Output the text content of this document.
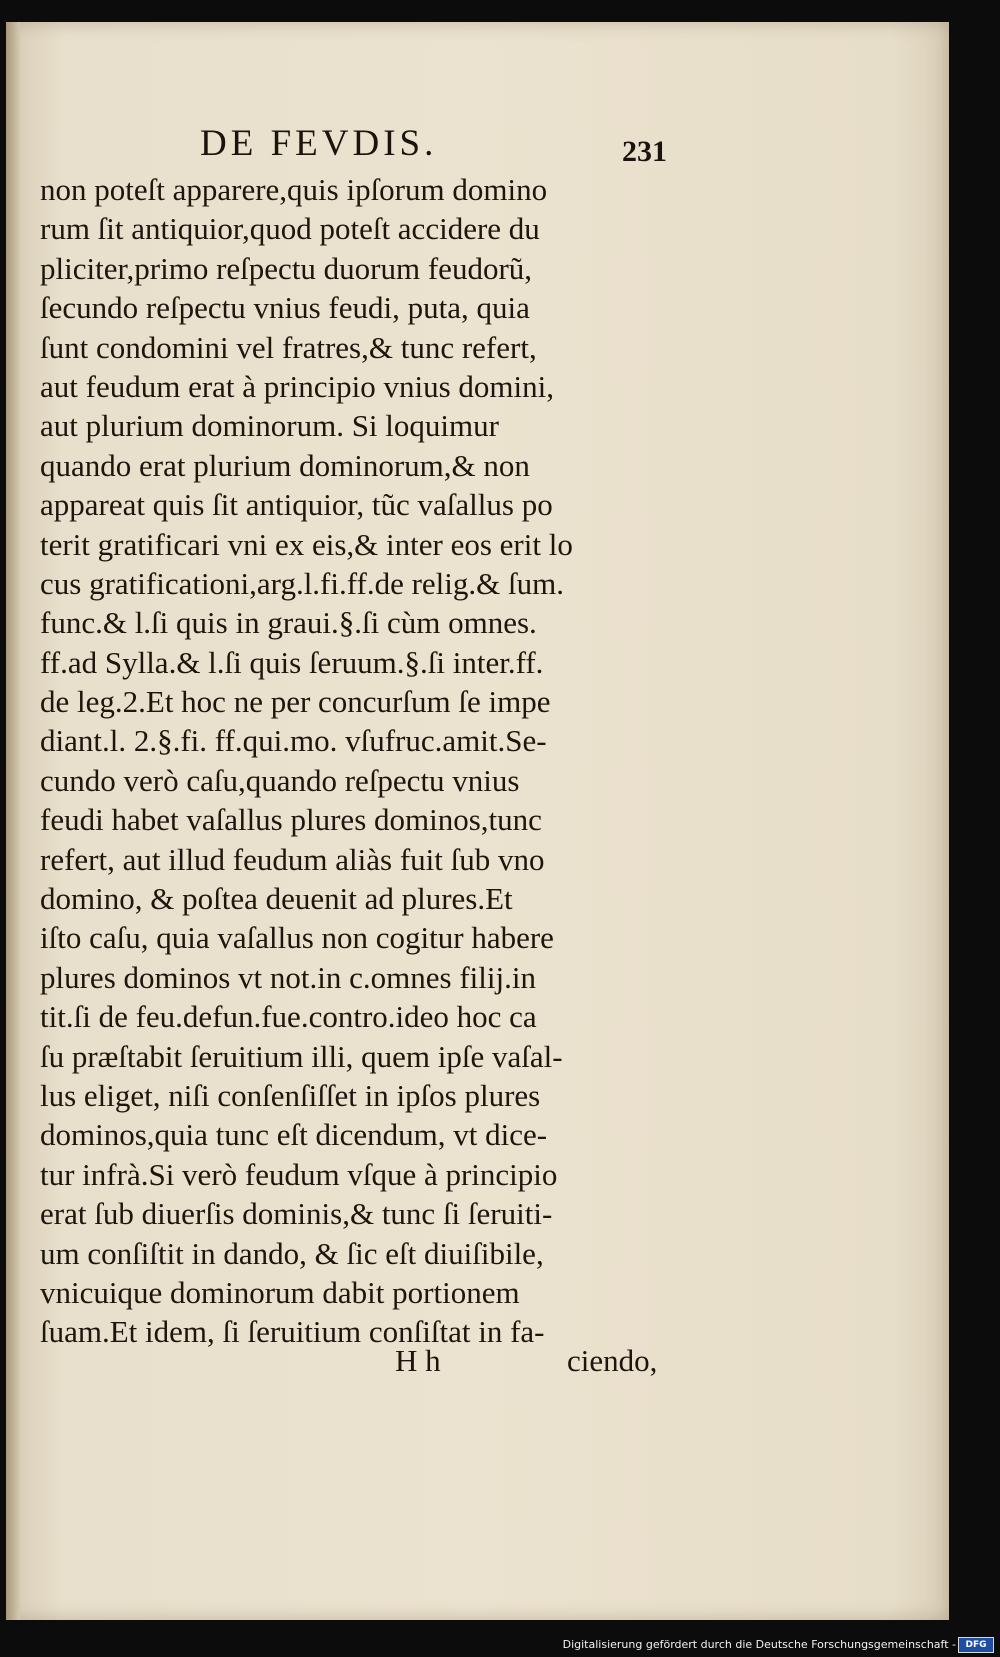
DE FEVDIS.	231
non poteſt apparere,quis ipſorum domino
rum ſit antiquior,quod poteſt accidere du
pliciter,primo reſpectu duorum feudorũ,
ſecundo reſpectu vnius feudi, puta, quia
ſunt condomini vel fratres,& tunc refert,
aut feudum erat à principio vnius domini,
aut plurium dominorum. Si loquimur
quando erat plurium dominorum,& non
appareat quis ſit antiquior, tũc vaſallus po
terit gratificari vni ex eis,& inter eos erit lo
cus gratificationi,arg.l.fi.ff.de relig.& ſum.
func.& l.ſi quis in graui.§.ſi cùm omnes.
ff.ad Sylla.& l.ſi quis ſeruum.§.ſi inter.ff.
de leg.2.Et hoc ne per concurſum ſe impe
diant.l. 2.§.fi. ff.qui.mo. vſufruc.amit.Se-
cundo verò caſu,quando reſpectu vnius
feudi habet vaſallus plures dominos,tunc
refert, aut illud feudum aliàs fuit ſub vno
domino, & poſtea deuenit ad plures.Et
iſto caſu, quia vaſallus non cogitur habere
plures dominos vt not.in c.omnes filij.in
tit.ſi de feu.defun.fue.contro.ideo hoc ca
ſu præſtabit ſeruitium illi, quem ipſe vaſal-
lus eliget, niſi conſenſiſſet in ipſos plures
dominos,quia tunc eſt dicendum, vt dice-
tur infrà.Si verò feudum vſque à principio
erat ſub diuerſis dominis,& tunc ſi ſeruiti-
um conſiſtit in dando, & ſic eſt diuiſibile,
vnicuique dominorum dabit portionem
ſuam.Et idem, ſi ſeruitium conſiſtat in fa-
H h	ciendo,
Digitalisierung gefördert durch die Deutsche Forschungsgemeinschaft -	DFG
